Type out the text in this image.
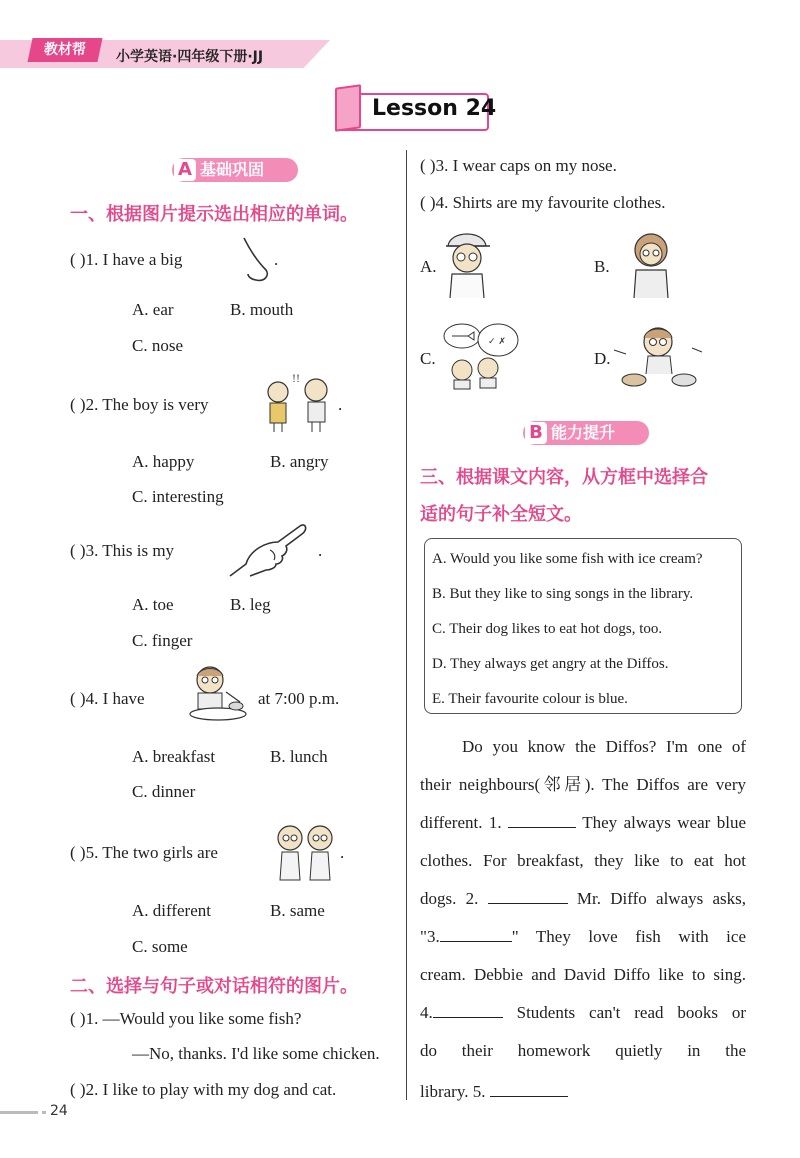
教材帮	小学英语·四年级下册·JJ
Lesson 24
A 基础巩固
一、根据图片提示选出相应的单词。
( )1. I have a big	.
A. ear	B. mouth
C. nose
( )2. The boy is very
!!
.
A. happy	B. angry
C. interesting
( )3. This is my	.
A. toe	B. leg
C. finger
( )4. I have	at 7:00 p.m.
A. breakfast	B. lunch
C. dinner
( )5. The two girls are	.
A. different	B. same
C. some
二、选择与句子或对话相符的图片。
( )1. —Would you like some fish?
—No, thanks. I'd like some chicken.
( )2. I like to play with my dog and cat.
( )3. I wear caps on my nose.
( )4. Shirts are my favourite clothes.
A.	B.
C.
✓ ✗
D.
B 能力提升
三、根据课文内容，从方框中选择合
适的句子补全短文。
A. Would you like some fish with ice cream?
B. But they like to sing songs in the library.
C. Their dog likes to eat hot dogs, too.
D. They always get angry at the Diffos.
E. Their favourite colour is blue.
Do you know the Diffos? I'm one of
their neighbours(邻居). The Diffos are very
different. 1.	They always wear blue
clothes. For breakfast, they like to eat hot
dogs. 2.	Mr. Diffo always asks,
"3.	" They love fish with ice
cream. Debbie and David Diffo like to sing.
4.	Students can't read books or
do their homework quietly in the
library. 5.
24
